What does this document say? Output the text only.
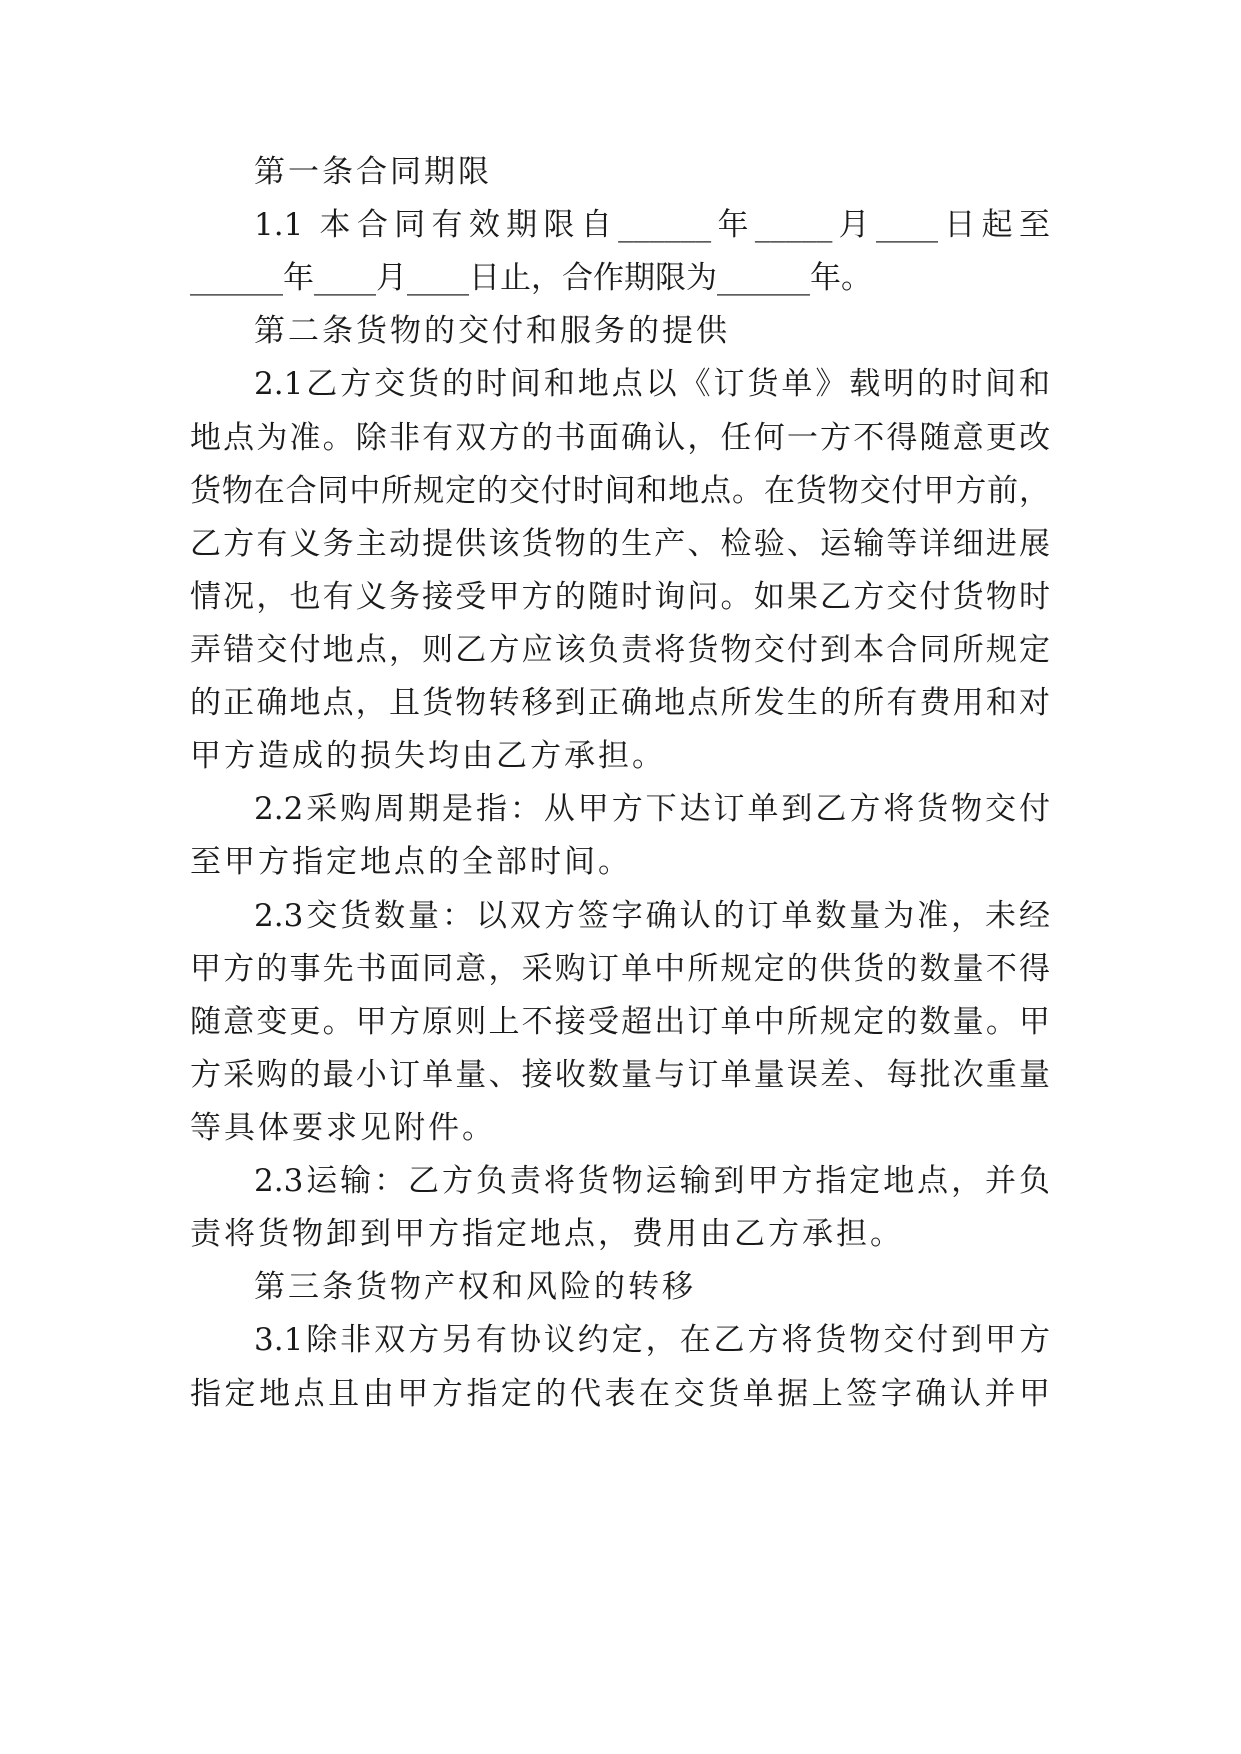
第一条合同期限
1.1 本合同有效期限自______年_____月____日起至
______年____月____日止，合作期限为______年。
第二条货物的交付和服务的提供
2.1乙方交货的时间和地点以《订货单》载明的时间和
地点为准。除非有双方的书面确认，任何一方不得随意更改
货物在合同中所规定的交付时间和地点。在货物交付甲方前，
乙方有义务主动提供该货物的生产、检验、运输等详细进展
情况，也有义务接受甲方的随时询问。如果乙方交付货物时
弄错交付地点，则乙方应该负责将货物交付到本合同所规定
的正确地点，且货物转移到正确地点所发生的所有费用和对
甲方造成的损失均由乙方承担。
2.2采购周期是指：从甲方下达订单到乙方将货物交付
至甲方指定地点的全部时间。
2.3交货数量：以双方签字确认的订单数量为准，未经
甲方的事先书面同意，采购订单中所规定的供货的数量不得
随意变更。甲方原则上不接受超出订单中所规定的数量。甲
方采购的最小订单量、接收数量与订单量误差、每批次重量
等具体要求见附件。
2.3运输：乙方负责将货物运输到甲方指定地点，并负
责将货物卸到甲方指定地点，费用由乙方承担。
第三条货物产权和风险的转移
3.1除非双方另有协议约定，在乙方将货物交付到甲方
指定地点且由甲方指定的代表在交货单据上签字确认并甲
